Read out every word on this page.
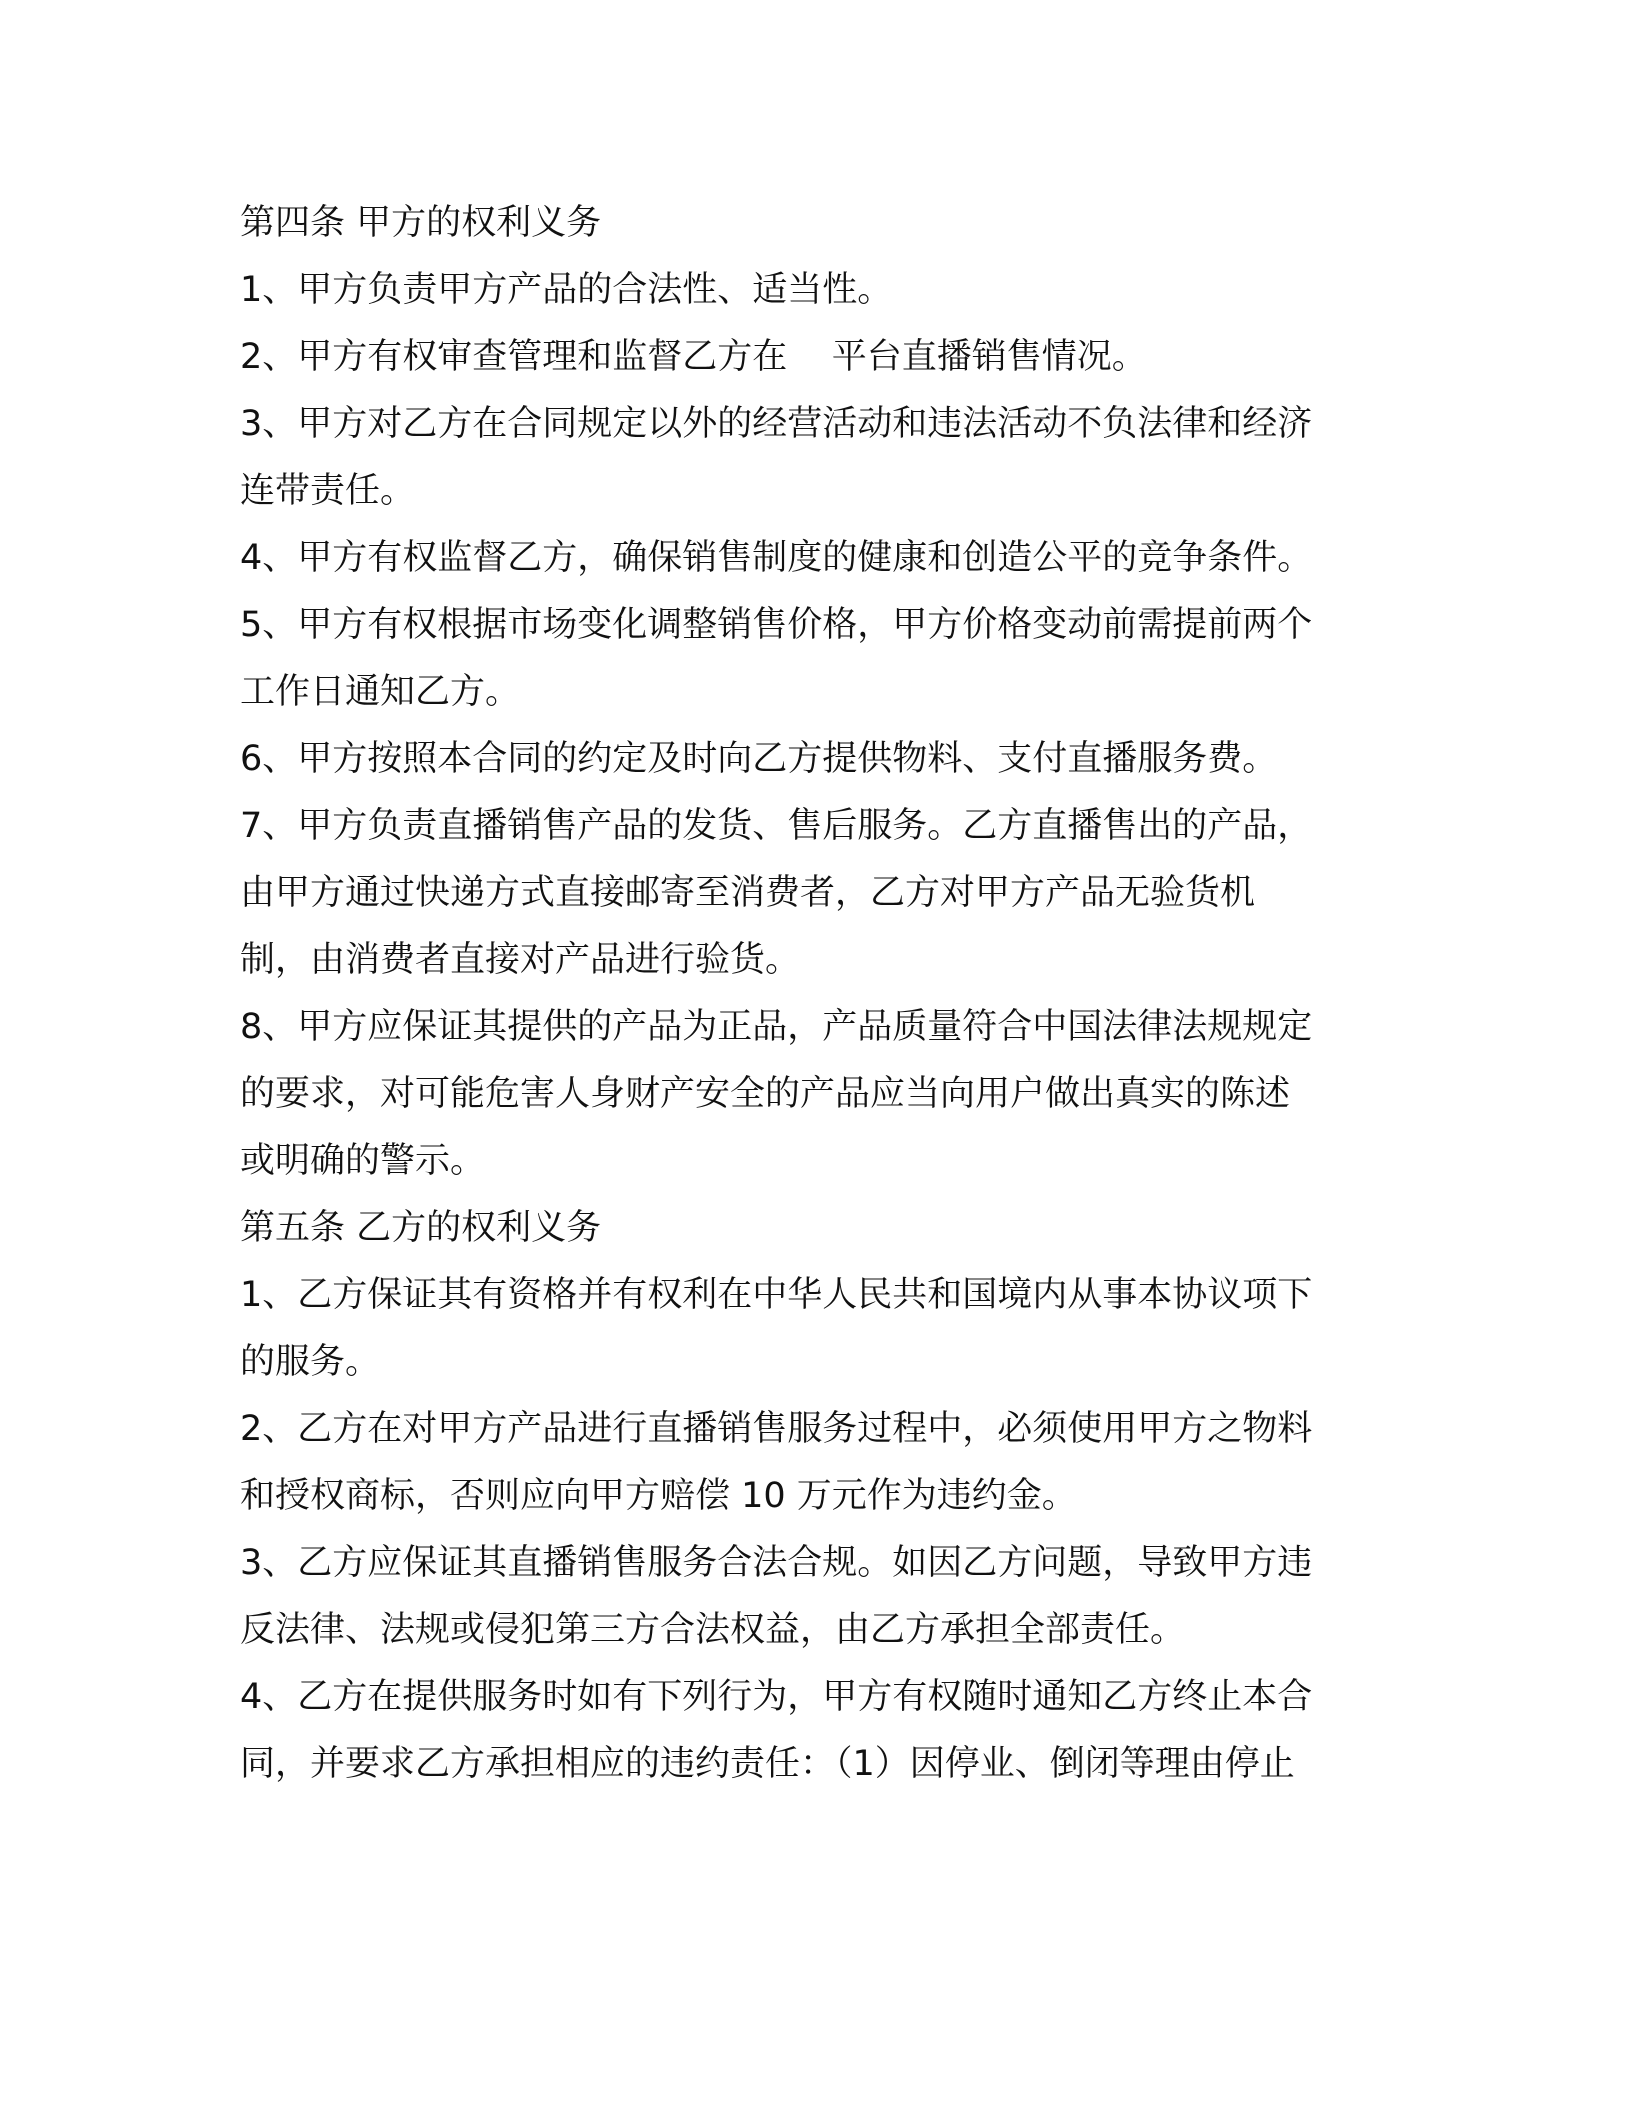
第四条 甲方的权利义务
1、甲方负责甲方产品的合法性、适当性。
2、甲方有权审查管理和监督乙方在    平台直播销售情况。
3、甲方对乙方在合同规定以外的经营活动和违法活动不负法律和经济
连带责任。
4、甲方有权监督乙方，确保销售制度的健康和创造公平的竞争条件。
5、甲方有权根据市场变化调整销售价格，甲方价格变动前需提前两个
工作日通知乙方。
6、甲方按照本合同的约定及时向乙方提供物料、支付直播服务费。
7、甲方负责直播销售产品的发货、售后服务。乙方直播售出的产品，
由甲方通过快递方式直接邮寄至消费者，乙方对甲方产品无验货机
制，由消费者直接对产品进行验货。
8、甲方应保证其提供的产品为正品，产品质量符合中国法律法规规定
的要求，对可能危害人身财产安全的产品应当向用户做出真实的陈述
或明确的警示。
第五条 乙方的权利义务
1、乙方保证其有资格并有权利在中华人民共和国境内从事本协议项下
的服务。
2、乙方在对甲方产品进行直播销售服务过程中，必须使用甲方之物料
和授权商标，否则应向甲方赔偿 10 万元作为违约金。
3、乙方应保证其直播销售服务合法合规。如因乙方问题，导致甲方违
反法律、法规或侵犯第三方合法权益，由乙方承担全部责任。
4、乙方在提供服务时如有下列行为，甲方有权随时通知乙方终止本合
同，并要求乙方承担相应的违约责任：（1）因停业、倒闭等理由停止
